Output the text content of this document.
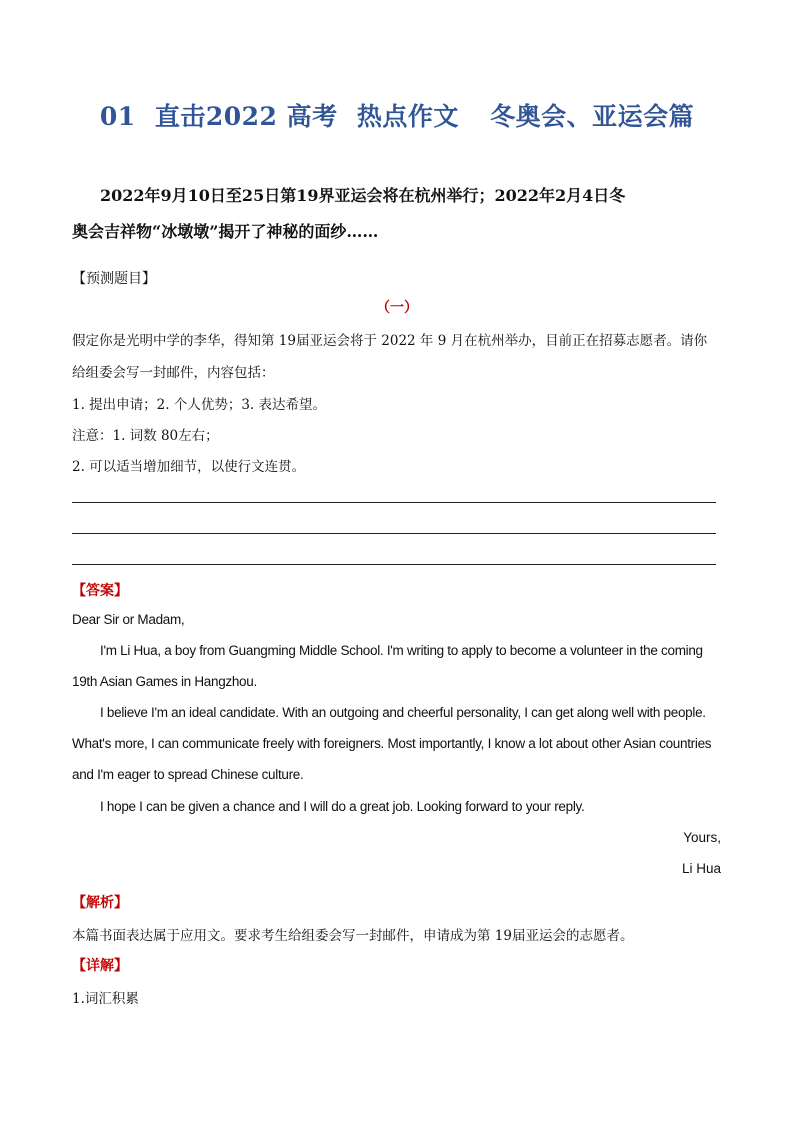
01 直击2022 高考 热点作文 冬奥会、亚运会篇
2022年9月10日至25日第19界亚运会将在杭州举行；2022年2月4日冬
奥会吉祥物“冰墩墩”揭开了神秘的面纱……
【预测题目】
（一）
假定你是光明中学的李华，得知第 19届亚运会将于 2022 年 9 月在杭州举办，目前正在招募志愿者。请你
给组委会写一封邮件，内容包括：
1. 提出申请；2. 个人优势；3. 表达希望。
注意：1. 词数 80左右；
2. 可以适当增加细节，以使行文连贯。
【答案】
Dear Sir or Madam,
I'm Li Hua, a boy from Guangming Middle School. I'm writing to apply to become a volunteer in the coming
19th Asian Games in Hangzhou.
I believe I'm an ideal candidate. With an outgoing and cheerful personality, I can get along well with people.
What's more, I can communicate freely with foreigners. Most importantly, I know a lot about other Asian countries
and I'm eager to spread Chinese culture.
I hope I can be given a chance and I will do a great job. Looking forward to your reply.
Yours,
Li Hua
【解析】
本篇书面表达属于应用文。要求考生给组委会写一封邮件，申请成为第 19届亚运会的志愿者。
【详解】
1.词汇积累
